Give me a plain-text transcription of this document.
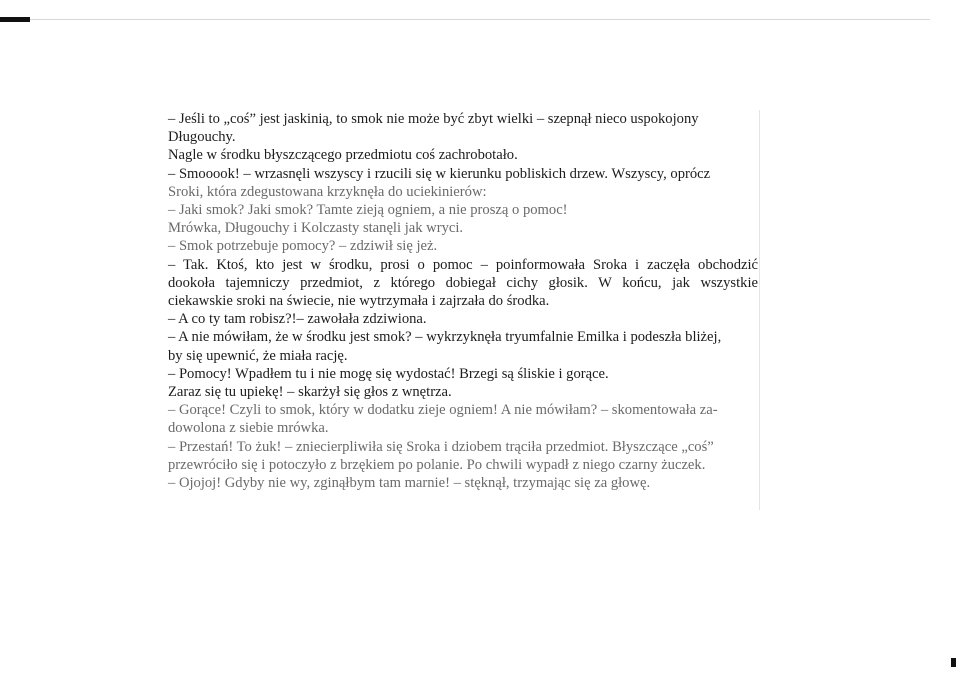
– Jeśli to „coś” jest jaskinią, to smok nie może być zbyt wielki – szepnął nieco uspokojony

Długouchy.

Nagle w środku błyszczącego przedmiotu coś zachrobotało.

– Smooook! – wrzasnęli wszyscy i rzucili się w kierunku pobliskich drzew. Wszyscy, oprócz

Sroki, która zdegustowana krzyknęła do uciekinierów:

– Jaki smok? Jaki smok? Tamte zieją ogniem, a nie proszą o pomoc!

Mrówka, Długouchy i Kolczasty stanęli jak wryci.

– Smok potrzebuje pomocy? – zdziwił się jeż.

– Tak. Ktoś, kto jest w środku, prosi o pomoc – poinformowała Sroka i zaczęła obchodzić

dookoła tajemniczy przedmiot, z którego dobiegał cichy głosik. W końcu, jak wszystkie

ciekawskie sroki na świecie, nie wytrzymała i zajrzała do środka.

– A co ty tam robisz?!– zawołała zdziwiona.

– A nie mówiłam, że w środku jest smok? – wykrzyknęła tryumfalnie Emilka i podeszła bliżej,

by się upewnić, że miała rację.

– Pomocy! Wpadłem tu i nie mogę się wydostać! Brzegi są śliskie i gorące.

Zaraz się tu upiekę! – skarżył się głos z wnętrza.

– Gorące! Czyli to smok, który w dodatku zieje ogniem! A nie mówiłam? – skomentowała za-

dowolona z siebie mrówka.

– Przestań! To żuk! – zniecierpliwiła się Sroka i dziobem trąciła przedmiot. Błyszczące „coś”

przewróciło się i potoczyło z brzękiem po polanie. Po chwili wypadł z niego czarny żuczek.

– Ojojoj! Gdyby nie wy, zginąłbym tam marnie! – stęknął, trzymając się za głowę.
